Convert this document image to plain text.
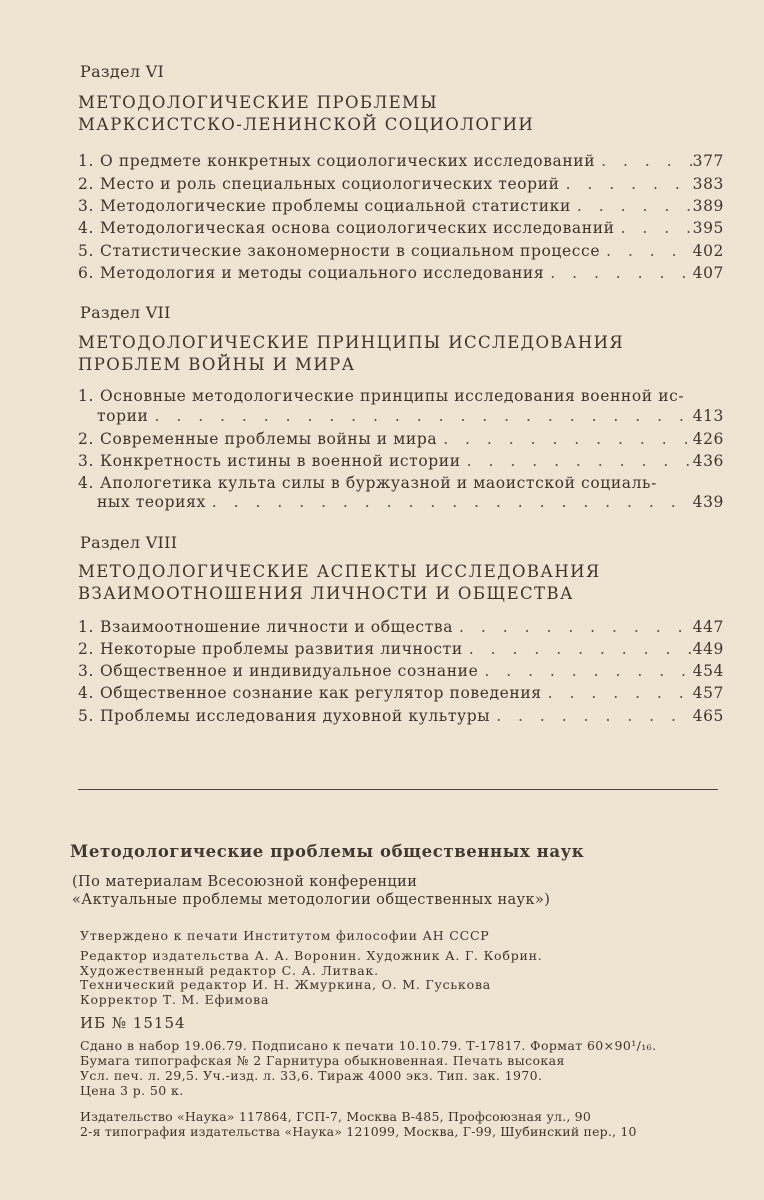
Раздел VI
МЕТОДОЛОГИЧЕСКИЕ ПРОБЛЕМЫ
МАРКСИСТСКО-ЛЕНИНСКОЙ СОЦИОЛОГИИ
1. О предмете конкретных социологических исследований . . .	377
2. Место и роль специальных социологических теорий . . .	383
3. Методологические проблемы социальной статистики . . .	389
4. Методологическая основа социологических исследований . . .	395
5. Статистические закономерности в социальном процессе . . .	402
6. Методология и методы социального исследования . . .	407
Раздел VII
МЕТОДОЛОГИЧЕСКИЕ ПРИНЦИПЫ ИССЛЕДОВАНИЯ
ПРОБЛЕМ ВОЙНЫ И МИРА
1. Основные методологические принципы исследования военной ис-
тории . . .	413
2. Современные проблемы войны и мира . . .	426
3. Конкретность истины в военной истории . . .	436
4. Апологетика культа силы в буржуазной и маоистской социаль-
ных теориях . . .	439
Раздел VIII
МЕТОДОЛОГИЧЕСКИЕ АСПЕКТЫ ИССЛЕДОВАНИЯ
ВЗАИМООТНОШЕНИЯ ЛИЧНОСТИ И ОБЩЕСТВА
1. Взаимоотношение личности и общества . . .	447
2. Некоторые проблемы развития личности . . .	449
3. Общественное и индивидуальное сознание . . .	454
4. Общественное сознание как регулятор поведения . . .	457
5. Проблемы исследования духовной культуры . . .	465
Методологические проблемы общественных наук
(По материалам Всесоюзной конференции
«Актуальные проблемы методологии общественных наук»)
Утверждено к печати Институтом философии АН СССР
Редактор издательства А. А. Воронин. Художник А. Г. Кобрин.
Художественный редактор С. А. Литвак.
Технический редактор И. Н. Жмуркина, О. М. Гуськова
Корректор Т. М. Ефимова
ИБ № 15154
Сдано в набор 19.06.79. Подписано к печати 10.10.79. Т-17817. Формат 60×90¹/₁₆.
Бумага типографская № 2 Гарнитура обыкновенная. Печать высокая
Усл. печ. л. 29,5. Уч.-изд. л. 33,6. Тираж 4000 экз. Тип. зак. 1970.
Цена 3 р. 50 к.
Издательство «Наука» 117864, ГСП-7, Москва В-485, Профсоюзная ул., 90
2-я типография издательства «Наука» 121099, Москва, Г-99, Шубинский пер., 10
